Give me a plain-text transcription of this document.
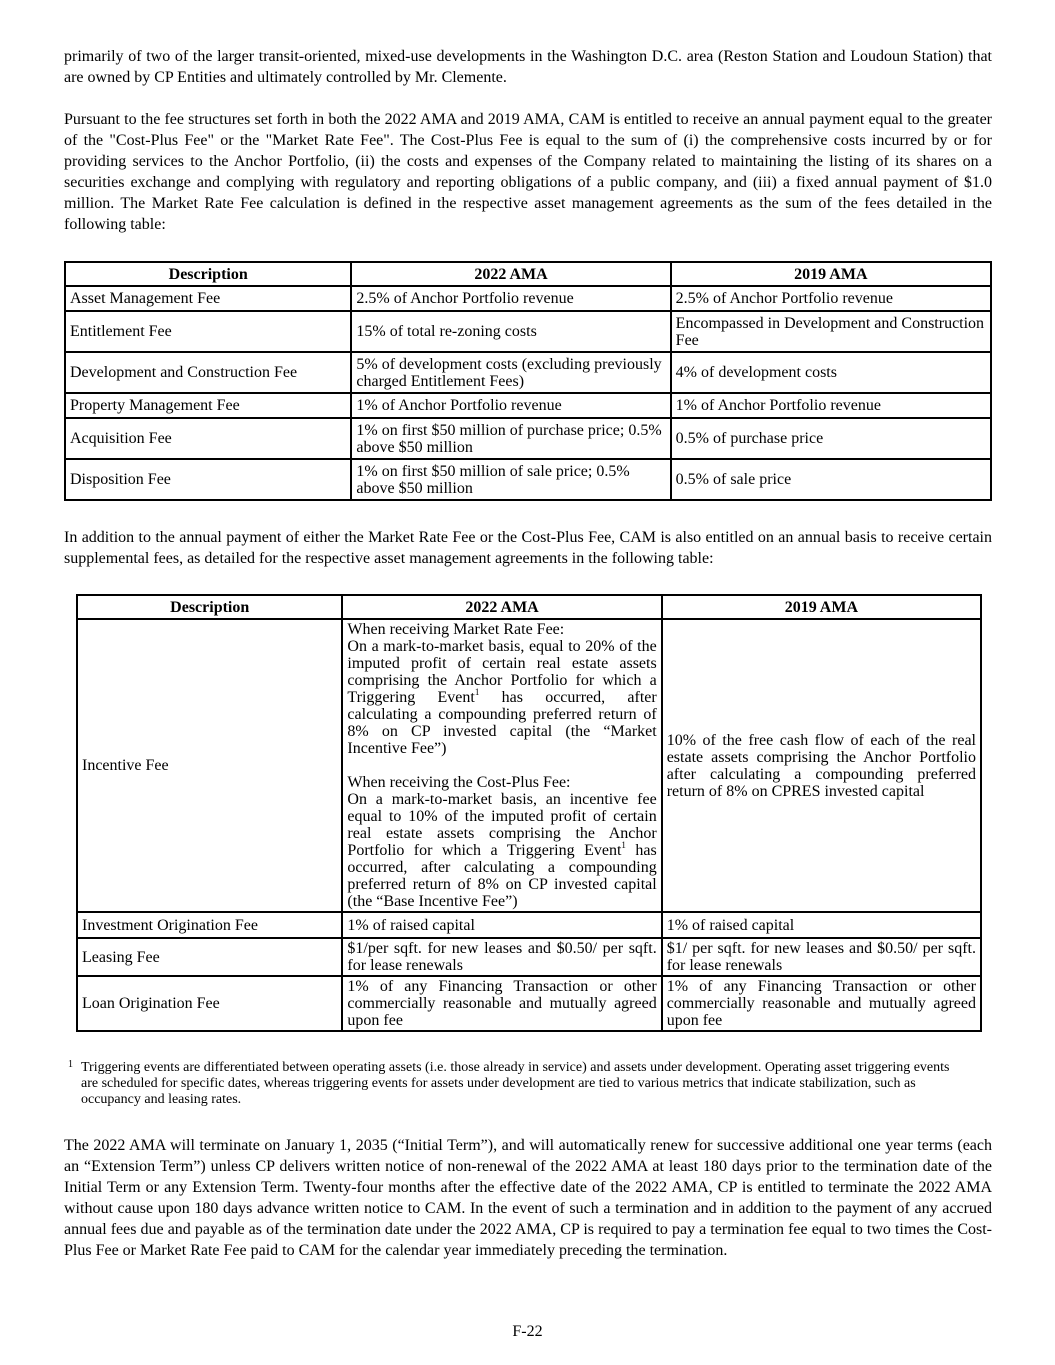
primarily of two of the larger transit-oriented, mixed-use developments in the Washington D.C. area (Reston Station and Loudoun Station) that are owned by CP Entities and ultimately controlled by Mr. Clemente.

Pursuant to the fee structures set forth in both the 2022 AMA and 2019 AMA, CAM is entitled to receive an annual payment equal to the greater of the "Cost-Plus Fee" or the "Market Rate Fee". The Cost-Plus Fee is equal to the sum of (i) the comprehensive costs incurred by or for providing services to the Anchor Portfolio, (ii) the costs and expenses of the Company related to maintaining the listing of its shares on a securities exchange and complying with regulatory and reporting obligations of a public company, and (iii) a fixed annual payment of $1.0 million. The Market Rate Fee calculation is defined in the respective asset management agreements as the sum of the fees detailed in the following table:

Description	2022 AMA	2019 AMA
Asset Management Fee	2.5% of Anchor Portfolio revenue	2.5% of Anchor Portfolio revenue
Entitlement Fee	15% of total re-zoning costs	Encompassed in Development and Construction Fee
Development and Construction Fee	5% of development costs (excluding previously charged Entitlement Fees)	4% of development costs
Property Management Fee	1% of Anchor Portfolio revenue	1% of Anchor Portfolio revenue
Acquisition Fee	1% on first $50 million of purchase price; 0.5% above $50 million	0.5% of purchase price
Disposition Fee	1% on first $50 million of sale price; 0.5% above $50 million	0.5% of sale price

In addition to the annual payment of either the Market Rate Fee or the Cost-Plus Fee, CAM is also entitled on an annual basis to receive certain supplemental fees, as detailed for the respective asset management agreements in the following table:

Description	2022 AMA	2019 AMA
Incentive Fee	When receiving Market Rate Fee:
On a mark-to-market basis, equal to 20% of the imputed profit of certain real estate assets comprising the Anchor Portfolio for which a Triggering Event$^1$ has occurred, after calculating a compounding preferred return of 8% on CP invested capital (the “Market Incentive Fee”)
When receiving the Cost-Plus Fee:
On a mark-to-market basis, an incentive fee equal to 10% of the imputed profit of certain real estate assets comprising the Anchor Portfolio for which a Triggering Event$^1$ has occurred, after calculating a compounding preferred return of 8% on CP invested capital (the “Base Incentive Fee”)	10% of the free cash flow of each of the real estate assets comprising the Anchor Portfolio after calculating a compounding preferred return of 8% on CPRES invested capital
Investment Origination Fee	1% of raised capital	1% of raised capital
Leasing Fee	$1/per sqft. for new leases and $0.50/ per sqft. for lease renewals	$1/ per sqft. for new leases and $0.50/ per sqft. for lease renewals
Loan Origination Fee	1% of any Financing Transaction or other commercially reasonable and mutually agreed upon fee	1% of any Financing Transaction or other commercially reasonable and mutually agreed upon fee
1 Triggering events are differentiated between operating assets (i.e. those already in service) and assets under development. Operating asset triggering events are scheduled for specific dates, whereas triggering events for assets under development are tied to various metrics that indicate stabilization, such as occupancy and leasing rates.

The 2022 AMA will terminate on January 1, 2035 (“Initial Term”), and will automatically renew for successive additional one year terms (each an “Extension Term”) unless CP delivers written notice of non-renewal of the 2022 AMA at least 180 days prior to the termination date of the Initial Term or any Extension Term. Twenty-four months after the effective date of the 2022 AMA, CP is entitled to terminate the 2022 AMA without cause upon 180 days advance written notice to CAM. In the event of such a termination and in addition to the payment of any accrued annual fees due and payable as of the termination date under the 2022 AMA, CP is required to pay a termination fee equal to two times the Cost-Plus Fee or Market Rate Fee paid to CAM for the calendar year immediately preceding the termination.

F-22
